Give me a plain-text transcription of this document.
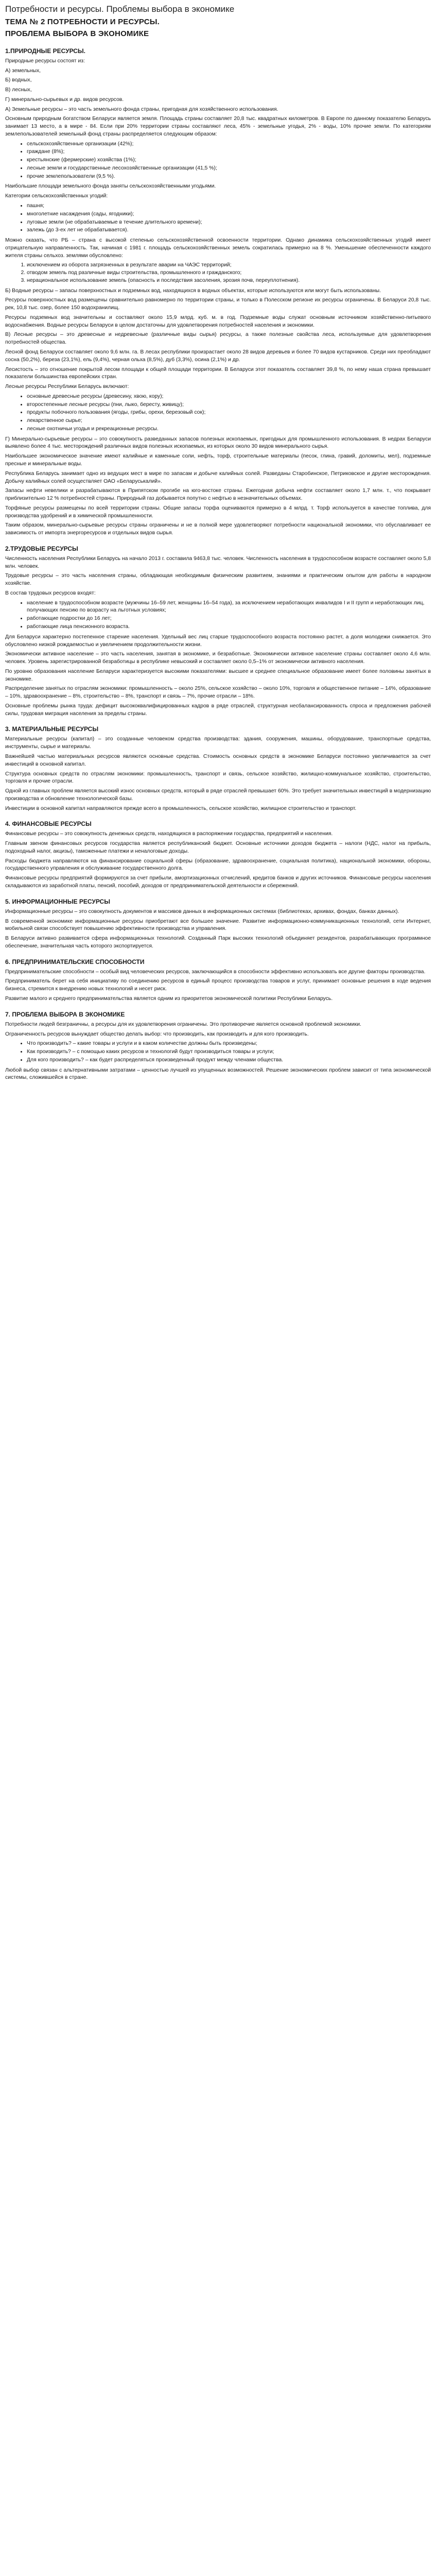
Потребности и ресурсы. Проблемы выбора в экономике
ТЕМА № 2 ПОТРЕБНОСТИ И РЕСУРСЫ.
ПРОБЛЕМА ВЫБОРА В ЭКОНОМИКЕ
1.ПРИРОДНЫЕ РЕСУРСЫ.

Природные ресурсы состоят из:

А) земельных,

Б) водных,

В) лесных,

Г) минерально-сырьевых и др. видов ресурсов.

А) Земельные ресурсы – это часть земельного фонда страны, пригодная для хозяйственного использования.

Основным природным богатством Беларуси является земля. Площадь страны составляет 20,8 тыс. квадратных километров. В Европе по данному показателю Беларусь занимает 13 место, а в мире - 84. Если при 20% территории страны составляют леса, 45% - земельные угодья, 2% - воды, 10% прочие земли. По категориям землепользователей земельный фонд страны распределяется следующим образом:

• сельскохозяйственные организации (42%);
• граждане (8%);
• крестьянские (фермерские) хозяйства (1%);
• лесные земли и государственные лесохозяйственные организации (41,5 %);
• прочие землепользователи (9,5 %).

Наибольшие площади земельного фонда заняты сельскохозяйственными угодьями.

Категории сельскохозяйственных угодий:

• пашня;
• многолетние насаждения (сады, ягодники);
• луговые земли (не обрабатываемые в течение длительного времени);
• залежь (до 3-ех лет не обрабатывается).

Можно сказать, что РБ – страна с высокой степенью сельскохозяйственной освоенности территории. Однако динамика сельскохозяйственных угодий имеет отрицательную направленность. Так, начиная с 1981 г. площадь сельскохозяйственных земель сократилась примерно на 8 %. Уменьшение обеспеченности каждого жителя страны сельхоз. землями обусловлено:

1. исключением из оборота загрязненных в результате аварии на ЧАЭС территорий;
2. отводом земель под различные виды строительства, промышленного и гражданского;
3. нерациональное использование земель (опасность и последствия засоления, эрозия почв, переуплотнения).

Б) Водные ресурсы – запасы поверхностных и подземных вод, находящихся в водных объектах, которые используются или могут быть использованы.

Ресурсы поверхностных вод размещены сравнительно равномерно по территории страны, и только в Полесском регионе их ресурсы ограничены. В Беларуси 20,8 тыс. рек, 10,8 тыс. озер, более 150 водохранилищ.

Ресурсы подземных вод значительны и составляют около 15,9 млрд. куб. м. в год. Подземные воды служат основным источником хозяйственно-питьевого водоснабжения. Водные ресурсы Беларуси в целом достаточны для удовлетворения потребностей населения и экономики.

В) Лесные ресурсы – это древесные и недревесные (различные виды сырья) ресурсы, а также полезные свойства леса, используемые для удовлетворения потребностей общества.

Лесной фонд Беларуси составляет около 9,6 млн. га. В лесах республики произрастает около 28 видов деревьев и более 70 видов кустарников. Среди них преобладают сосна (50,2%), береза (23,1%), ель (9,4%), черная ольха (8,5%), дуб (3,3%), осина (2,1%) и др.

Лесистость – это отношение покрытой лесом площади к общей площади территории. В Беларуси этот показатель составляет 39,8 %, по нему наша страна превышает показатели большинства европейских стран.

Лесные ресурсы Республики Беларусь включают:

• основные древесные ресурсы (древесину, хвою, кору);
• второстепенные лесные ресурсы (пни, лыко, бересту, живицу);
• продукты побочного пользования (ягоды, грибы, орехи, березовый сок);
• лекарственное сырье;
• лесные охотничьи угодья и рекреационные ресурсы.

Г) Минерально-сырьевые ресурсы – это совокупность разведанных запасов полезных ископаемых, пригодных для промышленного использования. В недрах Беларуси выявлено более 4 тыс. месторождений различных видов полезных ископаемых, из которых около 30 видов минерального сырья.

Наибольшее экономическое значение имеют калийные и каменные соли, нефть, торф, строительные материалы (песок, глина, гравий, доломиты, мел), подземные пресные и минеральные воды.

Республика Беларусь занимает одно из ведущих мест в мире по запасам и добыче калийных солей. Разведаны Старобинское, Петриковское и другие месторождения. Добычу калийных солей осуществляет ОАО «Беларуськалий».

Запасы нефти невелики и разрабатываются в Припятском прогибе на юго-востоке страны. Ежегодная добыча нефти составляет около 1,7 млн. т., что покрывает приблизительно 12 % потребностей страны. Природный газ добывается попутно с нефтью в незначительных объемах.

Торфяные ресурсы размещены по всей территории страны. Общие запасы торфа оцениваются примерно в 4 млрд. т. Торф используется в качестве топлива, для производства удобрений и в химической промышленности.

Таким образом, минерально-сырьевые ресурсы страны ограничены и не в полной мере удовлетворяют потребности национальной экономики, что обуславливает ее зависимость от импорта энергоресурсов и отдельных видов сырья.

2.ТРУДОВЫЕ РЕСУРСЫ

Численность населения Республики Беларусь на начало 2013 г. составила 9463,8 тыс. человек. Численность населения в трудоспособном возрасте составляет около 5,8 млн. человек.

Трудовые ресурсы – это часть населения страны, обладающая необходимым физическим развитием, знаниями и практическим опытом для работы в народном хозяйстве.

В состав трудовых ресурсов входят:

• население в трудоспособном возрасте (мужчины 16–59 лет, женщины 16–54 года), за исключением неработающих инвалидов I и II групп и неработающих лиц, получающих пенсию по возрасту на льготных условиях;
• работающие подростки до 16 лет;
• работающие лица пенсионного возраста.

Для Беларуси характерно постепенное старение населения. Удельный вес лиц старше трудоспособного возраста постоянно растет, а доля молодежи снижается. Это обусловлено низкой рождаемостью и увеличением продолжительности жизни.

Экономически активное население – это часть населения, занятая в экономике, и безработные. Экономически активное население страны составляет около 4,6 млн. человек. Уровень зарегистрированной безработицы в республике невысокий и составляет около 0,5–1% от экономически активного населения.

По уровню образования население Беларуси характеризуется высокими показателями: высшее и среднее специальное образование имеет более половины занятых в экономике.

Распределение занятых по отраслям экономики: промышленность – около 25%, сельское хозяйство – около 10%, торговля и общественное питание – 14%, образование – 10%, здравоохранение – 8%, строительство – 8%, транспорт и связь – 7%, прочие отрасли – 18%.

Основные проблемы рынка труда: дефицит высококвалифицированных кадров в ряде отраслей, структурная несбалансированность спроса и предложения рабочей силы, трудовая миграция населения за пределы страны.

3. МАТЕРИАЛЬНЫЕ РЕСУРСЫ

Материальные ресурсы (капитал) – это созданные человеком средства производства: здания, сооружения, машины, оборудование, транспортные средства, инструменты, сырье и материалы.

Важнейшей частью материальных ресурсов являются основные средства. Стоимость основных средств в экономике Беларуси постоянно увеличивается за счет инвестиций в основной капитал.

Структура основных средств по отраслям экономики: промышленность, транспорт и связь, сельское хозяйство, жилищно-коммунальное хозяйство, строительство, торговля и прочие отрасли.

Одной из главных проблем является высокий износ основных средств, который в ряде отраслей превышает 60%. Это требует значительных инвестиций в модернизацию производства и обновление технологической базы.

Инвестиции в основной капитал направляются прежде всего в промышленность, сельское хозяйство, жилищное строительство и транспорт.

4. ФИНАНСОВЫЕ РЕСУРСЫ

Финансовые ресурсы – это совокупность денежных средств, находящихся в распоряжении государства, предприятий и населения.

Главным звеном финансовых ресурсов государства является республиканский бюджет. Основные источники доходов бюджета – налоги (НДС, налог на прибыль, подоходный налог, акцизы), таможенные платежи и неналоговые доходы.

Расходы бюджета направляются на финансирование социальной сферы (образование, здравоохранение, социальная политика), национальной экономики, обороны, государственного управления и обслуживание государственного долга.

Финансовые ресурсы предприятий формируются за счет прибыли, амортизационных отчислений, кредитов банков и других источников. Финансовые ресурсы населения складываются из заработной платы, пенсий, пособий, доходов от предпринимательской деятельности и сбережений.

5. ИНФОРМАЦИОННЫЕ РЕСУРСЫ

Информационные ресурсы – это совокупность документов и массивов данных в информационных системах (библиотеках, архивах, фондах, банках данных).

В современной экономике информационные ресурсы приобретают все большее значение. Развитие информационно-коммуникационных технологий, сети Интернет, мобильной связи способствует повышению эффективности производства и управления.

В Беларуси активно развивается сфера информационных технологий. Созданный Парк высоких технологий объединяет резидентов, разрабатывающих программное обеспечение, значительная часть которого экспортируется.

6. ПРЕДПРИНИМАТЕЛЬСКИЕ СПОСОБНОСТИ

Предпринимательские способности – особый вид человеческих ресурсов, заключающийся в способности эффективно использовать все другие факторы производства.

Предприниматель берет на себя инициативу по соединению ресурсов в единый процесс производства товаров и услуг, принимает основные решения в ходе ведения бизнеса, стремится к внедрению новых технологий и несет риск.

Развитие малого и среднего предпринимательства является одним из приоритетов экономической политики Республики Беларусь.

7. ПРОБЛЕМА ВЫБОРА В ЭКОНОМИКЕ

Потребности людей безграничны, а ресурсы для их удовлетворения ограничены. Это противоречие является основной проблемой экономики.

Ограниченность ресурсов вынуждает общество делать выбор: что производить, как производить и для кого производить.

• Что производить? – какие товары и услуги и в каком количестве должны быть произведены;
• Как производить? – с помощью каких ресурсов и технологий будут производиться товары и услуги;
• Для кого производить? – как будет распределяться произведенный продукт между членами общества.

Любой выбор связан с альтернативными затратами – ценностью лучшей из упущенных возможностей. Решение экономических проблем зависит от типа экономической системы, сложившейся в стране.
